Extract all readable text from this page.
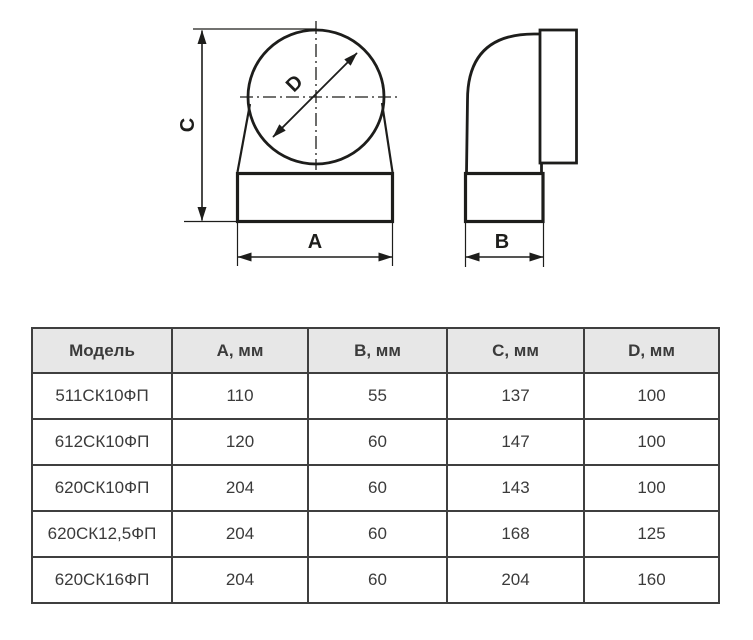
D
C
A	B
Модель	A, мм	B, мм	C, мм	D, мм
511СК10ФП	110	55	137	100
612СК10ФП	120	60	147	100
620СК10ФП	204	60	143	100
620СК12,5ФП	204	60	168	125
620СК16ФП	204	60	204	160
